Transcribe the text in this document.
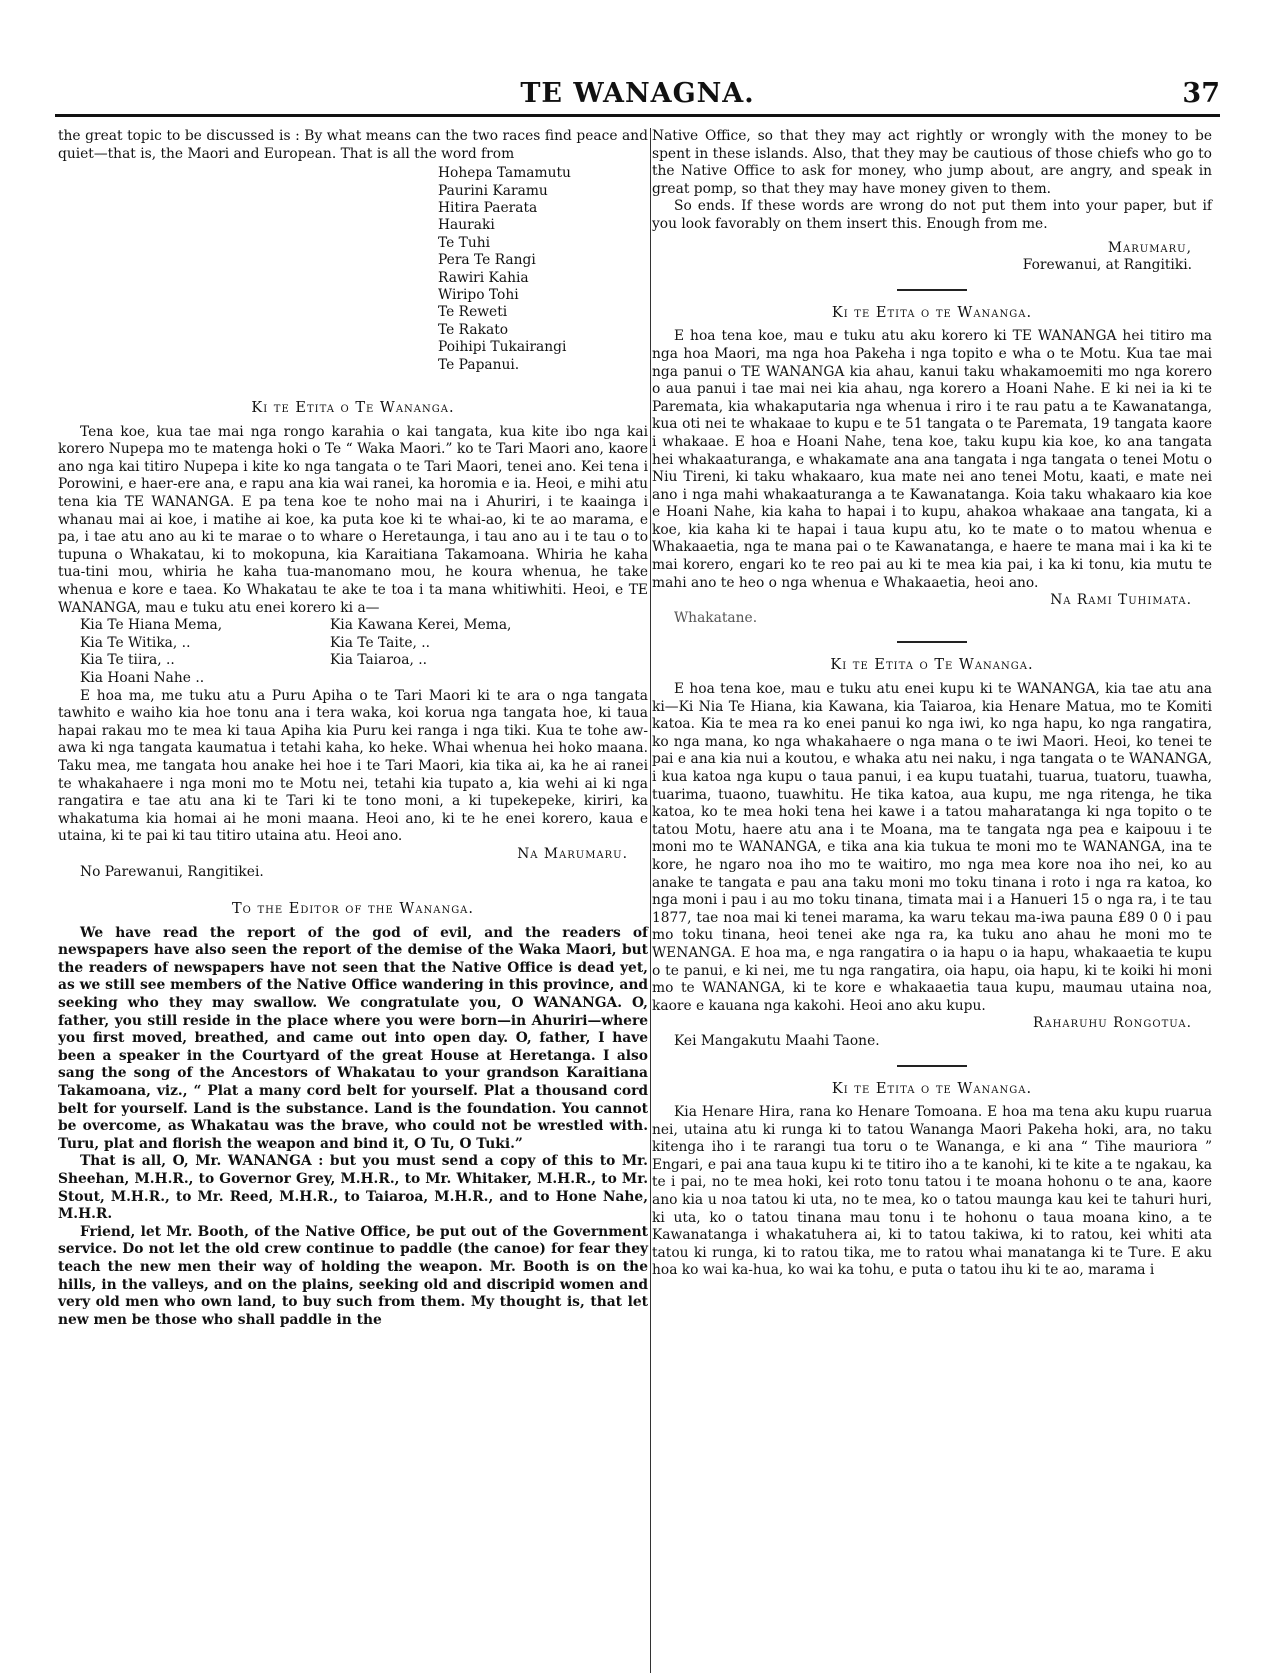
TE WANAGNA.	37

the great topic to be discussed is : By what means can the two races find peace and quiet—that is, the Maori and European. That is all the word from

Hohepa Tamamutu
Paurini Karamu
Hitira Paerata
Hauraki
Te Tuhi
Pera Te Rangi
Rawiri Kahia
Wiripo Tohi
Te Reweti
Te Rakato
Poihipi Tukairangi
Te Papanui.
Ki te Etita o Te Wananga.

Tena koe, kua tae mai nga rongo karahia o kai tangata, kua kite ibo nga kai korero Nupepa mo te matenga hoki o Te “ Waka Maori.” ko te Tari Maori ano, kaore ano nga kai titiro Nupepa i kite ko nga tangata o te Tari Maori, tenei ano. Kei tena i Porowini, e haer-ere ana, e rapu ana kia wai ranei, ka horomia e ia. Heoi, e mihi atu tena kia TE WANANGA. E pa tena koe te noho mai na i Ahuriri, i te kaainga i whanau mai ai koe, i matihe ai koe, ka puta koe ki te whai-ao, ki te ao marama, e pa, i tae atu ano au ki te marae o to whare o Heretaunga, i tau ano au i te tau o to tupuna o Whakatau, ki to mokopuna, kia Karaitiana Takamoana. Whiria he kaha tua-tini mou, whiria he kaha tua-manomano mou, he koura whenua, he take whenua e kore e taea. Ko Whakatau te ake te toa i ta mana whitiwhiti. Heoi, e TE WANANGA, mau e tuku atu enei korero ki a—

Kia Te Hiana Mema,	Kia Kawana Kerei, Mema,
Kia Te Witika, ..	Kia Te Taite, ..
Kia Te tiira, ..	Kia Taiaroa, ..
Kia Hoani Nahe ..

E hoa ma, me tuku atu a Puru Apiha o te Tari Maori ki te ara o nga tangata tawhito e waiho kia hoe tonu ana i tera waka, koi korua nga tangata hoe, ki taua hapai rakau mo te mea ki taua Apiha kia Puru kei ranga i nga tiki. Kua te tohe aw-awa ki nga tangata kaumatua i tetahi kaha, ko heke. Whai whenua hei hoko maana. Taku mea, me tangata hou anake hei hoe i te Tari Maori, kia tika ai, ka he ai ranei te whakahaere i nga moni mo te Motu nei, tetahi kia tupato a, kia wehi ai ki nga rangatira e tae atu ana ki te Tari ki te tono moni, a ki tupekepeke, kiriri, ka whakatuma kia homai ai he moni maana. Heoi ano, ki te he enei korero, kaua e utaina, ki te pai ki tau titiro utaina atu. Heoi ano.

Na Marumaru.
No Parewanui, Rangitikei.
To the Editor of the Wananga.

We have read the report of the god of evil, and the readers of newspapers have also seen the report of the demise of the Waka Maori, but the readers of newspapers have not seen that the Native Office is dead yet, as we still see members of the Native Office wandering in this province, and seeking who they may swallow. We congratulate you, O WANANGA. O, father, you still reside in the place where you were born—in Ahuriri—where you first moved, breathed, and came out into open day. O, father, I have been a speaker in the Courtyard of the great House at Heretanga. I also sang the song of the Ancestors of Whakatau to your grandson Karaitiana Takamoana, viz., “ Plat a many cord belt for yourself. Plat a thousand cord belt for yourself. Land is the substance. Land is the foundation. You cannot be overcome, as Whakatau was the brave, who could not be wrestled with. Turu, plat and florish the weapon and bind it, O Tu, O Tuki.”

That is all, O, Mr. WANANGA : but you must send a copy of this to Mr. Sheehan, M.H.R., to Governor Grey, M.H.R., to Mr. Whitaker, M.H.R., to Mr. Stout, M.H.R., to Mr. Reed, M.H.R., to Taiaroa, M.H.R., and to Hone Nahe, M.H.R.

Friend, let Mr. Booth, of the Native Office, be put out of the Government service. Do not let the old crew continue to paddle (the canoe) for fear they teach the new men their way of holding the weapon. Mr. Booth is on the hills, in the valleys, and on the plains, seeking old and discripid women and very old men who own land, to buy such from them. My thought is, that let new men be those who shall paddle in the

Native Office, so that they may act rightly or wrongly with the money to be spent in these islands. Also, that they may be cautious of those chiefs who go to the Native Office to ask for money, who jump about, are angry, and speak in great pomp, so that they may have money given to them.

So ends. If these words are wrong do not put them into your paper, but if you look favorably on them insert this. Enough from me.

Marumaru,
Forewanui, at Rangitiki.
Ki te Etita o te Wananga.

E hoa tena koe, mau e tuku atu aku korero ki TE WANANGA hei titiro ma nga hoa Maori, ma nga hoa Pakeha i nga topito e wha o te Motu. Kua tae mai nga panui o TE WANANGA kia ahau, kanui taku whakamoemiti mo nga korero o aua panui i tae mai nei kia ahau, nga korero a Hoani Nahe. E ki nei ia ki te Paremata, kia whakaputaria nga whenua i riro i te rau patu a te Kawanatanga, kua oti nei te whakaae to kupu e te 51 tangata o te Paremata, 19 tangata kaore i whakaae. E hoa e Hoani Nahe, tena koe, taku kupu kia koe, ko ana tangata hei whakaaturanga, e whakamate ana ana tangata i nga tangata o tenei Motu o Niu Tireni, ki taku whakaaro, kua mate nei ano tenei Motu, kaati, e mate nei ano i nga mahi whakaaturanga a te Kawanatanga. Koia taku whakaaro kia koe e Hoani Nahe, kia kaha to hapai i to kupu, ahakoa whakaae ana tangata, ki a koe, kia kaha ki te hapai i taua kupu atu, ko te mate o to matou whenua e Whakaaetia, nga te mana pai o te Kawanatanga, e haere te mana mai i ka ki te mai korero, engari ko te reo pai au ki te mea kia pai, i ka ki tonu, kia mutu te mahi ano te heo o nga whenua e Whakaaetia, heoi ano.

Na Rami Tuhimata.
Whakatane.
Ki te Etita o Te Wananga.

E hoa tena koe, mau e tuku atu enei kupu ki te WANANGA, kia tae atu ana ki—Ki Nia Te Hiana, kia Kawana, kia Taiaroa, kia Henare Matua, mo te Komiti katoa. Kia te mea ra ko enei panui ko nga iwi, ko nga hapu, ko nga rangatira, ko nga mana, ko nga whakahaere o nga mana o te iwi Maori. Heoi, ko tenei te pai e ana kia nui a koutou, e whaka atu nei naku, i nga tangata o te WANANGA, i kua katoa nga kupu o taua panui, i ea kupu tuatahi, tuarua, tuatoru, tuawha, tuarima, tuaono, tuawhitu. He tika katoa, aua kupu, me nga ritenga, he tika katoa, ko te mea hoki tena hei kawe i a tatou maharatanga ki nga topito o te tatou Motu, haere atu ana i te Moana, ma te tangata nga pea e kaipouu i te moni mo te WANANGA, e tika ana kia tukua te moni mo te WANANGA, ina te kore, he ngaro noa iho mo te waitiro, mo nga mea kore noa iho nei, ko au anake te tangata e pau ana taku moni mo toku tinana i roto i nga ra katoa, ko nga moni i pau i au mo toku tinana, timata mai i a Hanueri 15 o nga ra, i te tau 1877, tae noa mai ki tenei marama, ka waru tekau ma-iwa pauna £89 0 0 i pau mo toku tinana, heoi tenei ake nga ra, ka tuku ano ahau he moni mo te WENANGA. E hoa ma, e nga rangatira o ia hapu o ia hapu, whakaaetia te kupu o te panui, e ki nei, me tu nga rangatira, oia hapu, oia hapu, ki te koiki hi moni mo te WANANGA, ki te kore e whakaaetia taua kupu, maumau utaina noa, kaore e kauana nga kakohi. Heoi ano aku kupu.

Raharuhu Rongotua.
Kei Mangakutu Maahi Taone.
Ki te Etita o te Wananga.

Kia Henare Hira, rana ko Henare Tomoana. E hoa ma tena aku kupu ruarua nei, utaina atu ki runga ki to tatou Wananga Maori Pakeha hoki, ara, no taku kitenga iho i te rarangi tua toru o te Wananga, e ki ana “ Tihe mauriora ” Engari, e pai ana taua kupu ki te titiro iho a te kanohi, ki te kite a te ngakau, ka te i pai, no te mea hoki, kei roto tonu tatou i te moana hohonu o te ana, kaore ano kia u noa tatou ki uta, no te mea, ko o tatou maunga kau kei te tahuri huri, ki uta, ko o tatou tinana mau tonu i te hohonu o taua moana kino, a te Kawanatanga i whakatuhera ai, ki to tatou takiwa, ki to ratou, kei whiti ata tatou ki runga, ki to ratou tika, me to ratou whai manatanga ki te Ture. E aku hoa ko wai ka-hua, ko wai ka tohu, e puta o tatou ihu ki te ao, marama i
